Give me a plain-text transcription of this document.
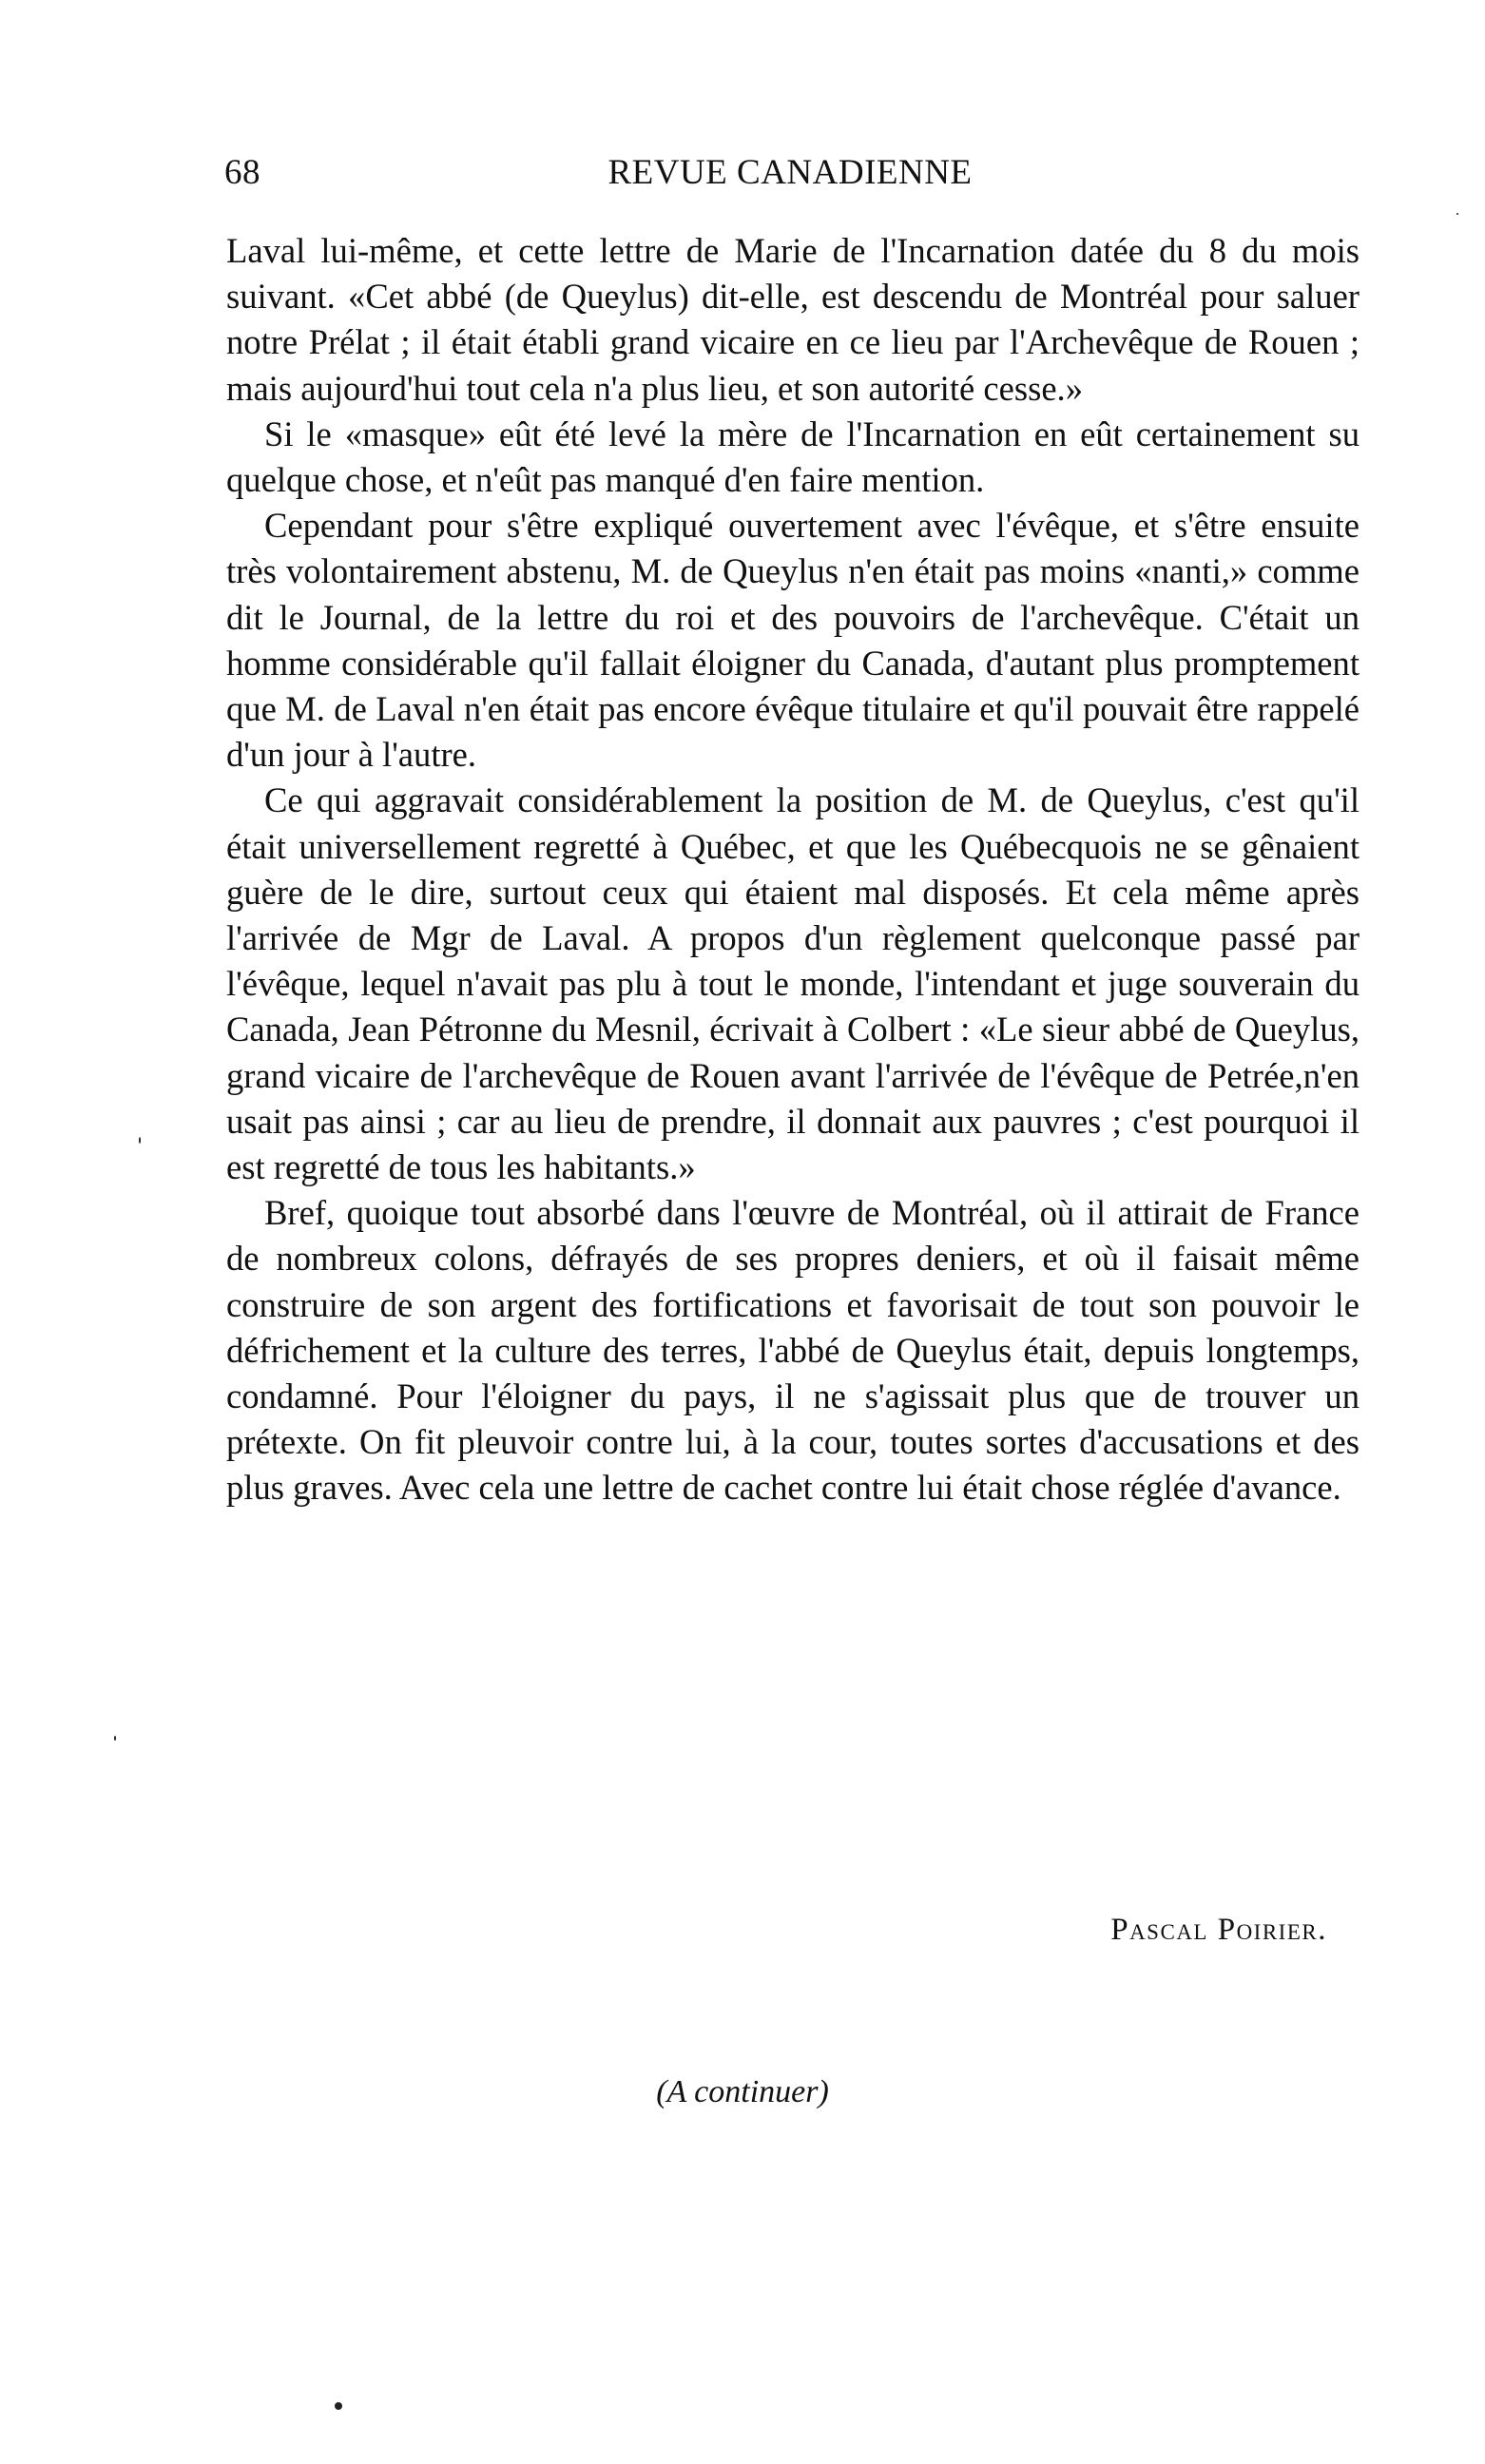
68	REVUE CANADIENNE

Laval lui-même, et cette lettre de Marie de l'Incarnation datée du 8 du mois suivant. «Cet abbé (de Queylus) dit-elle, est descendu de Montréal pour saluer notre Prélat ; il était établi grand vicaire en ce lieu par l'Archevêque de Rouen ; mais aujourd'hui tout cela n'a plus lieu, et son autorité cesse.»

Si le «masque» eût été levé la mère de l'Incarnation en eût certainement su quelque chose, et n'eût pas manqué d'en faire mention.

Cependant pour s'être expliqué ouvertement avec l'évêque, et s'être ensuite très volontairement abstenu, M. de Queylus n'en était pas moins «nanti,» comme dit le Journal, de la lettre du roi et des pouvoirs de l'archevêque. C'était un homme considérable qu'il fallait éloigner du Canada, d'autant plus promptement que M. de Laval n'en était pas encore évêque titulaire et qu'il pouvait être rappelé d'un jour à l'autre.

Ce qui aggravait considérablement la position de M. de Queylus, c'est qu'il était universellement regretté à Québec, et que les Québecquois ne se gênaient guère de le dire, surtout ceux qui étaient mal disposés. Et cela même après l'arrivée de Mgr de Laval. A propos d'un règlement quelconque passé par l'évêque, lequel n'avait pas plu à tout le monde, l'intendant et juge souverain du Canada, Jean Pétronne du Mesnil, écrivait à Colbert : «Le sieur abbé de Queylus, grand vicaire de l'archevêque de Rouen avant l'arrivée de l'évêque de Petrée,n'en usait pas ainsi ; car au lieu de prendre, il donnait aux pauvres ; c'est pourquoi il est regretté de tous les habitants.»

Bref, quoique tout absorbé dans l'œuvre de Montréal, où il attirait de France de nombreux colons, défrayés de ses propres deniers, et où il faisait même construire de son argent des fortifications et favorisait de tout son pouvoir le défrichement et la culture des terres, l'abbé de Queylus était, depuis longtemps, condamné. Pour l'éloigner du pays, il ne s'agissait plus que de trouver un prétexte. On fit pleuvoir contre lui, à la cour, toutes sortes d'accusations et des plus graves. Avec cela une lettre de cachet contre lui était chose réglée d'avance.

Pascal Poirier.
(A continuer)
